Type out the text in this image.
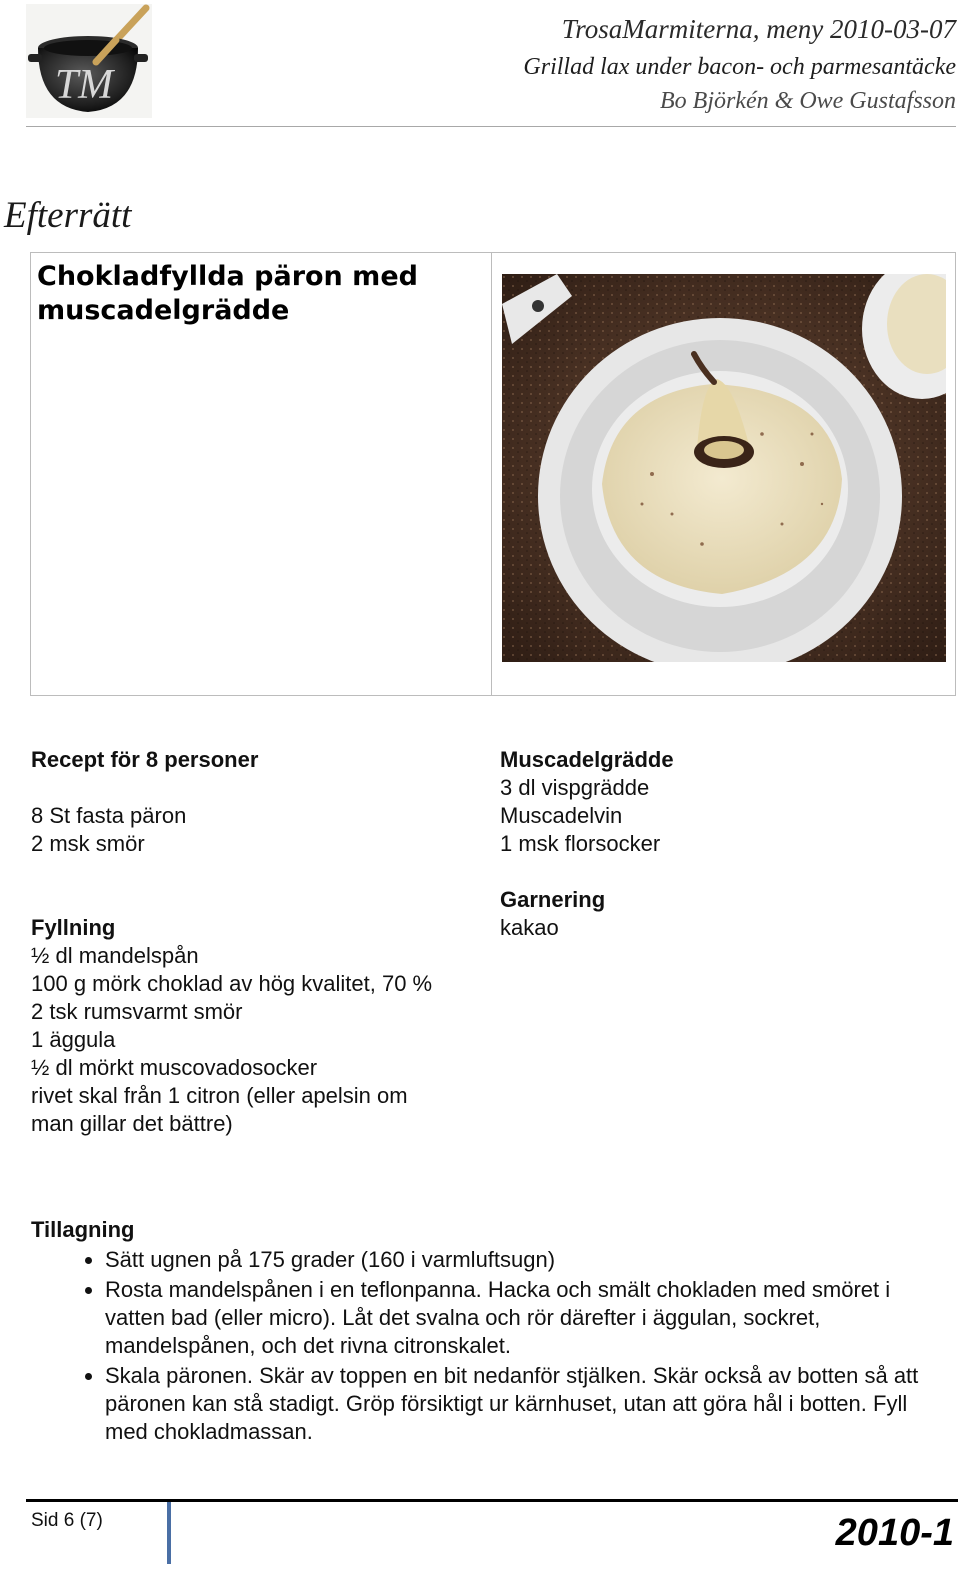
TM
TrosaMarmiterna, meny 2010-03-07
Grillad lax under bacon- och parmesantäcke
Bo Björkén & Owe Gustafsson
Efterrätt
Chokladfyllda päron med
muscadelgrädde
Recept för 8 personer
8 St fasta päron
2 msk smör
Fyllning
½ dl mandelspån
100 g mörk choklad av hög kvalitet, 70 %
2 tsk rumsvarmt smör
1 äggula
½ dl mörkt muscovadosocker
rivet skal från 1 citron (eller apelsin om
man gillar det bättre)
Muscadelgrädde
3 dl vispgrädde
Muscadelvin
1 msk florsocker
Garnering
kakao
Tillagning
• Sätt ugnen på 175 grader (160 i varmluftsugn)
• Rosta mandelspånen i en teflonpanna. Hacka och smält chokladen med smöret i vatten bad (eller micro). Låt det svalna och rör därefter i äggulan, sockret, mandelspånen, och det rivna citronskalet.
• Skala päronen. Skär av toppen en bit nedanför stjälken. Skär också av botten så att päronen kan stå stadigt. Gröp försiktigt ur kärnhuset, utan att göra hål i botten. Fyll med chokladmassan.
Sid 6 (7)	2010-1
